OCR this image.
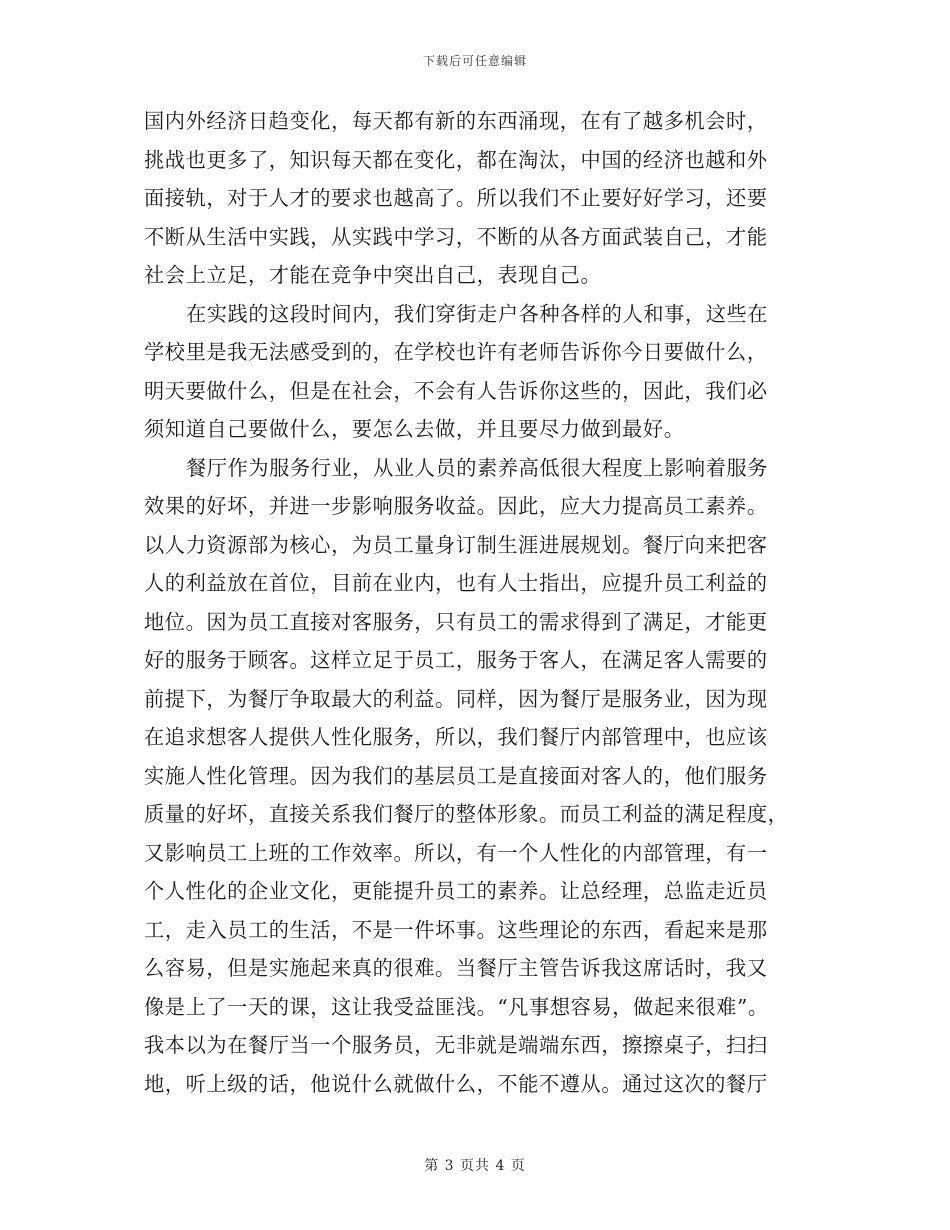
下载后可任意编辑
国内外经济日趋变化，每天都有新的东西涌现，在有了越多机会时，
挑战也更多了，知识每天都在变化，都在淘汰，中国的经济也越和外
面接轨，对于人才的要求也越高了。所以我们不止要好好学习，还要
不断从生活中实践，从实践中学习，不断的从各方面武装自己，才能
社会上立足，才能在竞争中突出自己，表现自己。
在实践的这段时间内，我们穿街走户各种各样的人和事，这些在
学校里是我无法感受到的，在学校也许有老师告诉你今日要做什么，
明天要做什么，但是在社会，不会有人告诉你这些的，因此，我们必
须知道自己要做什么，要怎么去做，并且要尽力做到最好。
餐厅作为服务行业，从业人员的素养高低很大程度上影响着服务
效果的好坏，并进一步影响服务收益。因此，应大力提高员工素养。
以人力资源部为核心，为员工量身订制生涯进展规划。餐厅向来把客
人的利益放在首位，目前在业内，也有人士指出，应提升员工利益的
地位。因为员工直接对客服务，只有员工的需求得到了满足，才能更
好的服务于顾客。这样立足于员工，服务于客人，在满足客人需要的
前提下，为餐厅争取最大的利益。同样，因为餐厅是服务业，因为现
在追求想客人提供人性化服务，所以，我们餐厅内部管理中，也应该
实施人性化管理。因为我们的基层员工是直接面对客人的，他们服务
质量的好坏，直接关系我们餐厅的整体形象。而员工利益的满足程度，
又影响员工上班的工作效率。所以，有一个人性化的内部管理，有一
个人性化的企业文化，更能提升员工的素养。让总经理，总监走近员
工，走入员工的生活，不是一件坏事。这些理论的东西，看起来是那
么容易，但是实施起来真的很难。当餐厅主管告诉我这席话时，我又
像是上了一天的课，这让我受益匪浅。“凡事想容易，做起来很难”。
我本以为在餐厅当一个服务员，无非就是端端东西，擦擦桌子，扫扫
地，听上级的话，他说什么就做什么，不能不遵从。通过这次的餐厅
第 3 页共 4 页
